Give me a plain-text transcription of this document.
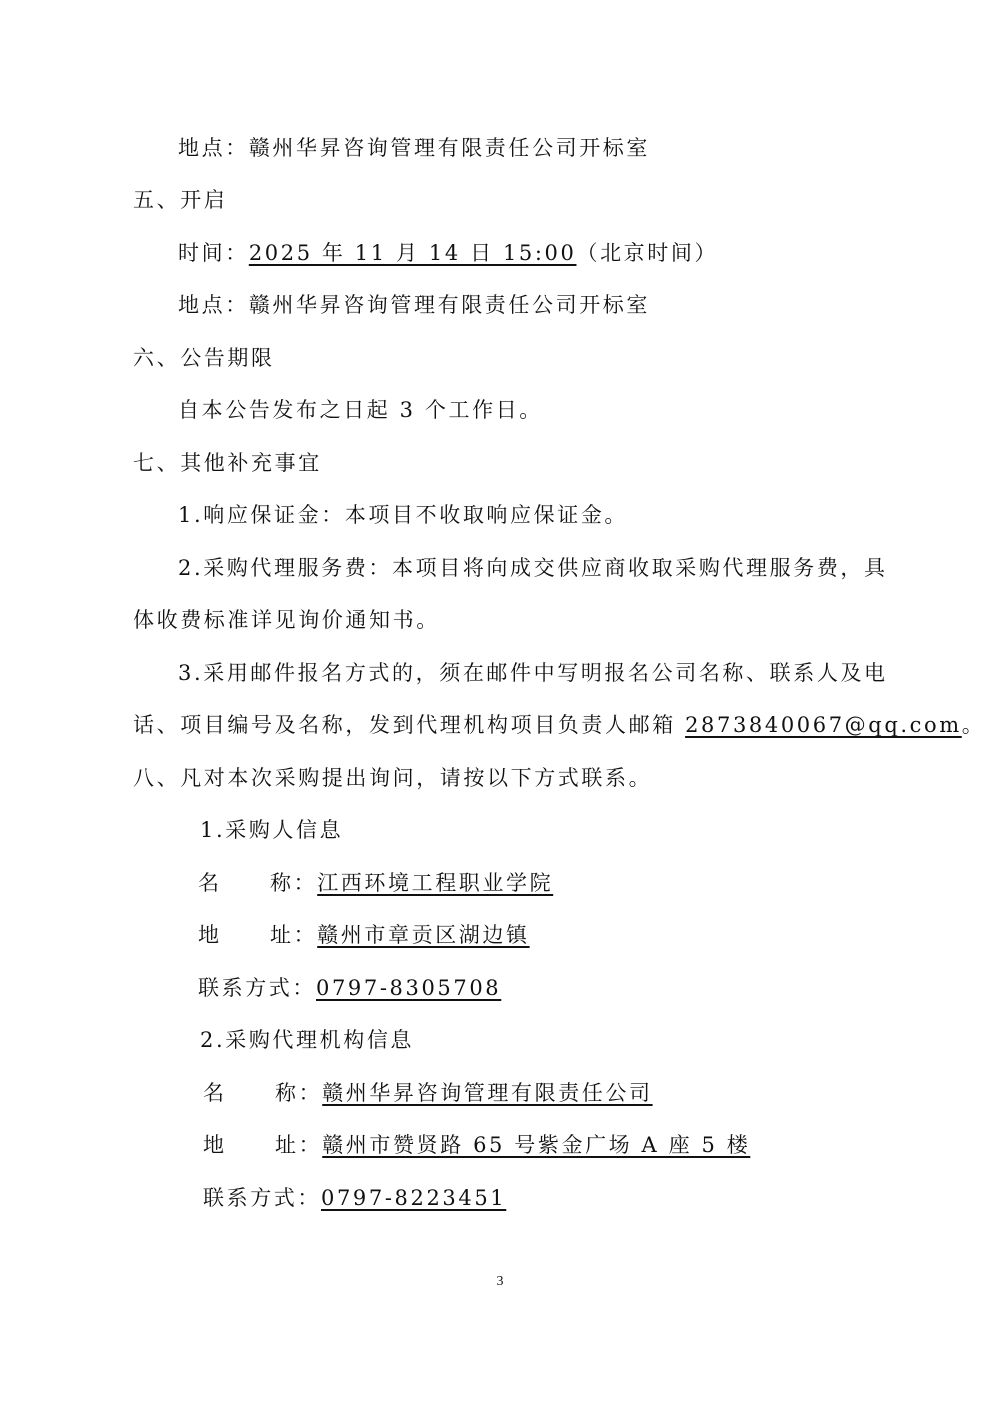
地点：赣州华昇咨询管理有限责任公司开标室
五、开启
时间：2025 年 11 月 14 日 15:00（北京时间）
地点：赣州华昇咨询管理有限责任公司开标室
六、公告期限
自本公告发布之日起 3 个工作日。
七、其他补充事宜
1.响应保证金：本项目不收取响应保证金。
2.采购代理服务费：本项目将向成交供应商收取采购代理服务费，具
体收费标准详见询价通知书。
3.采用邮件报名方式的，须在邮件中写明报名公司名称、联系人及电
话、项目编号及名称，发到代理机构项目负责人邮箱 2873840067@qq.com。
八、凡对本次采购提出询问，请按以下方式联系。
1.采购人信息
名 称：江西环境工程职业学院
地 址：赣州市章贡区湖边镇
联系方式：0797-8305708
2.采购代理机构信息
名 称：赣州华昇咨询管理有限责任公司
地 址：赣州市赞贤路 65 号紫金广场 A 座 5 楼
联系方式：0797-8223451
3
